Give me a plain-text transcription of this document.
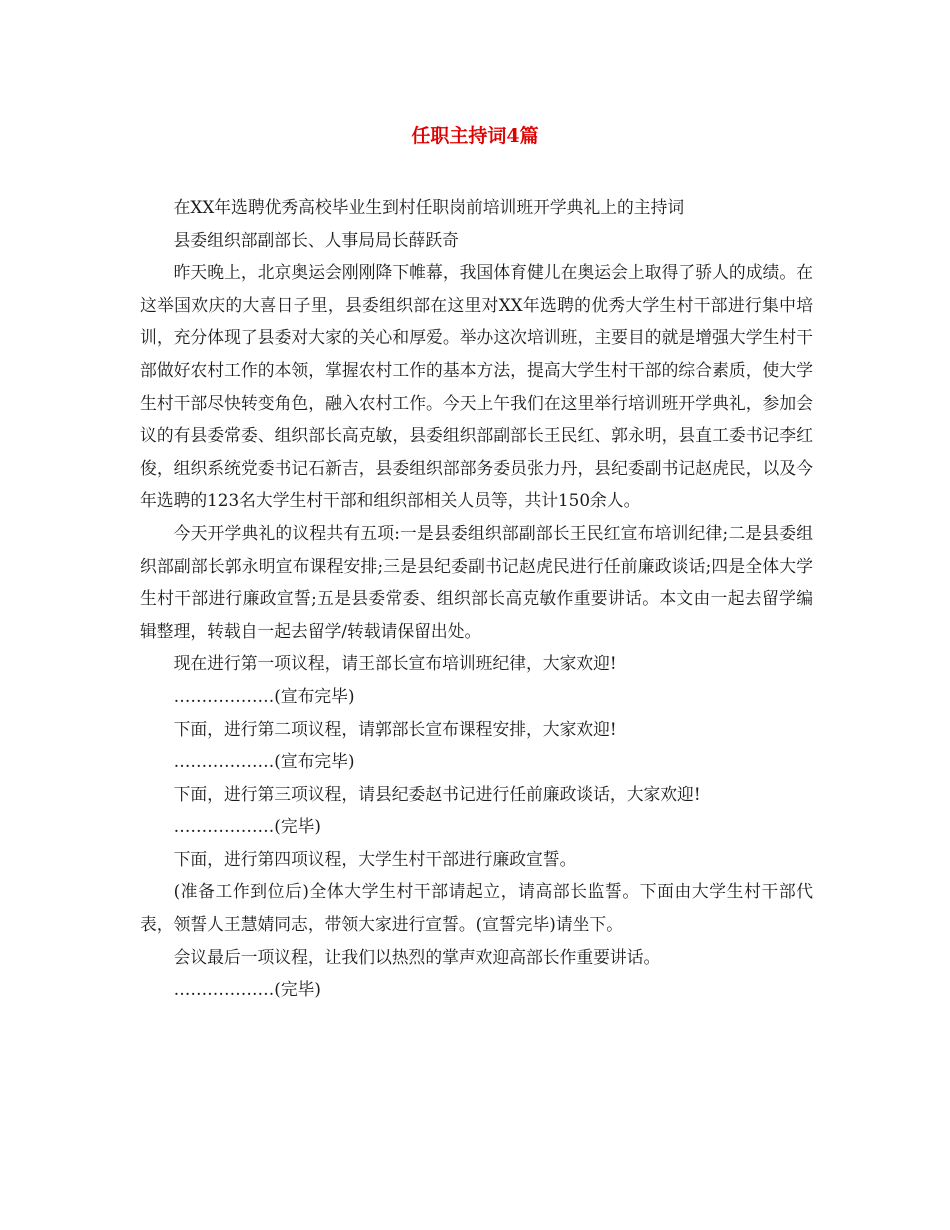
任职主持词4篇

在XX年选聘优秀高校毕业生到村任职岗前培训班开学典礼上的主持词

县委组织部副部长、人事局局长薛跃奇

昨天晚上，北京奥运会刚刚降下帷幕，我国体育健儿在奥运会上取得了骄人的成绩。在这举国欢庆的大喜日子里，县委组织部在这里对XX年选聘的优秀大学生村干部进行集中培训，充分体现了县委对大家的关心和厚爱。举办这次培训班，主要目的就是增强大学生村干部做好农村工作的本领，掌握农村工作的基本方法，提高大学生村干部的综合素质，使大学生村干部尽快转变角色，融入农村工作。今天上午我们在这里举行培训班开学典礼，参加会议的有县委常委、组织部长高克敏，县委组织部副部长王民红、郭永明，县直工委书记李红俊，组织系统党委书记石新吉，县委组织部部务委员张力丹，县纪委副书记赵虎民，以及今年选聘的123名大学生村干部和组织部相关人员等，共计150余人。

今天开学典礼的议程共有五项:一是县委组织部副部长王民红宣布培训纪律;二是县委组织部副部长郭永明宣布课程安排;三是县纪委副书记赵虎民进行任前廉政谈话;四是全体大学生村干部进行廉政宣誓;五是县委常委、组织部长高克敏作重要讲话。本文由一起去留学编辑整理，转载自一起去留学/转载请保留出处。

现在进行第一项议程，请王部长宣布培训班纪律，大家欢迎!

………………(宣布完毕)

下面，进行第二项议程，请郭部长宣布课程安排，大家欢迎!

………………(宣布完毕)

下面，进行第三项议程，请县纪委赵书记进行任前廉政谈话，大家欢迎!

………………(完毕)

下面，进行第四项议程，大学生村干部进行廉政宣誓。

(准备工作到位后)全体大学生村干部请起立，请高部长监誓。下面由大学生村干部代表，领誓人王慧婧同志，带领大家进行宣誓。(宣誓完毕)请坐下。

会议最后一项议程，让我们以热烈的掌声欢迎高部长作重要讲话。

………………(完毕)
